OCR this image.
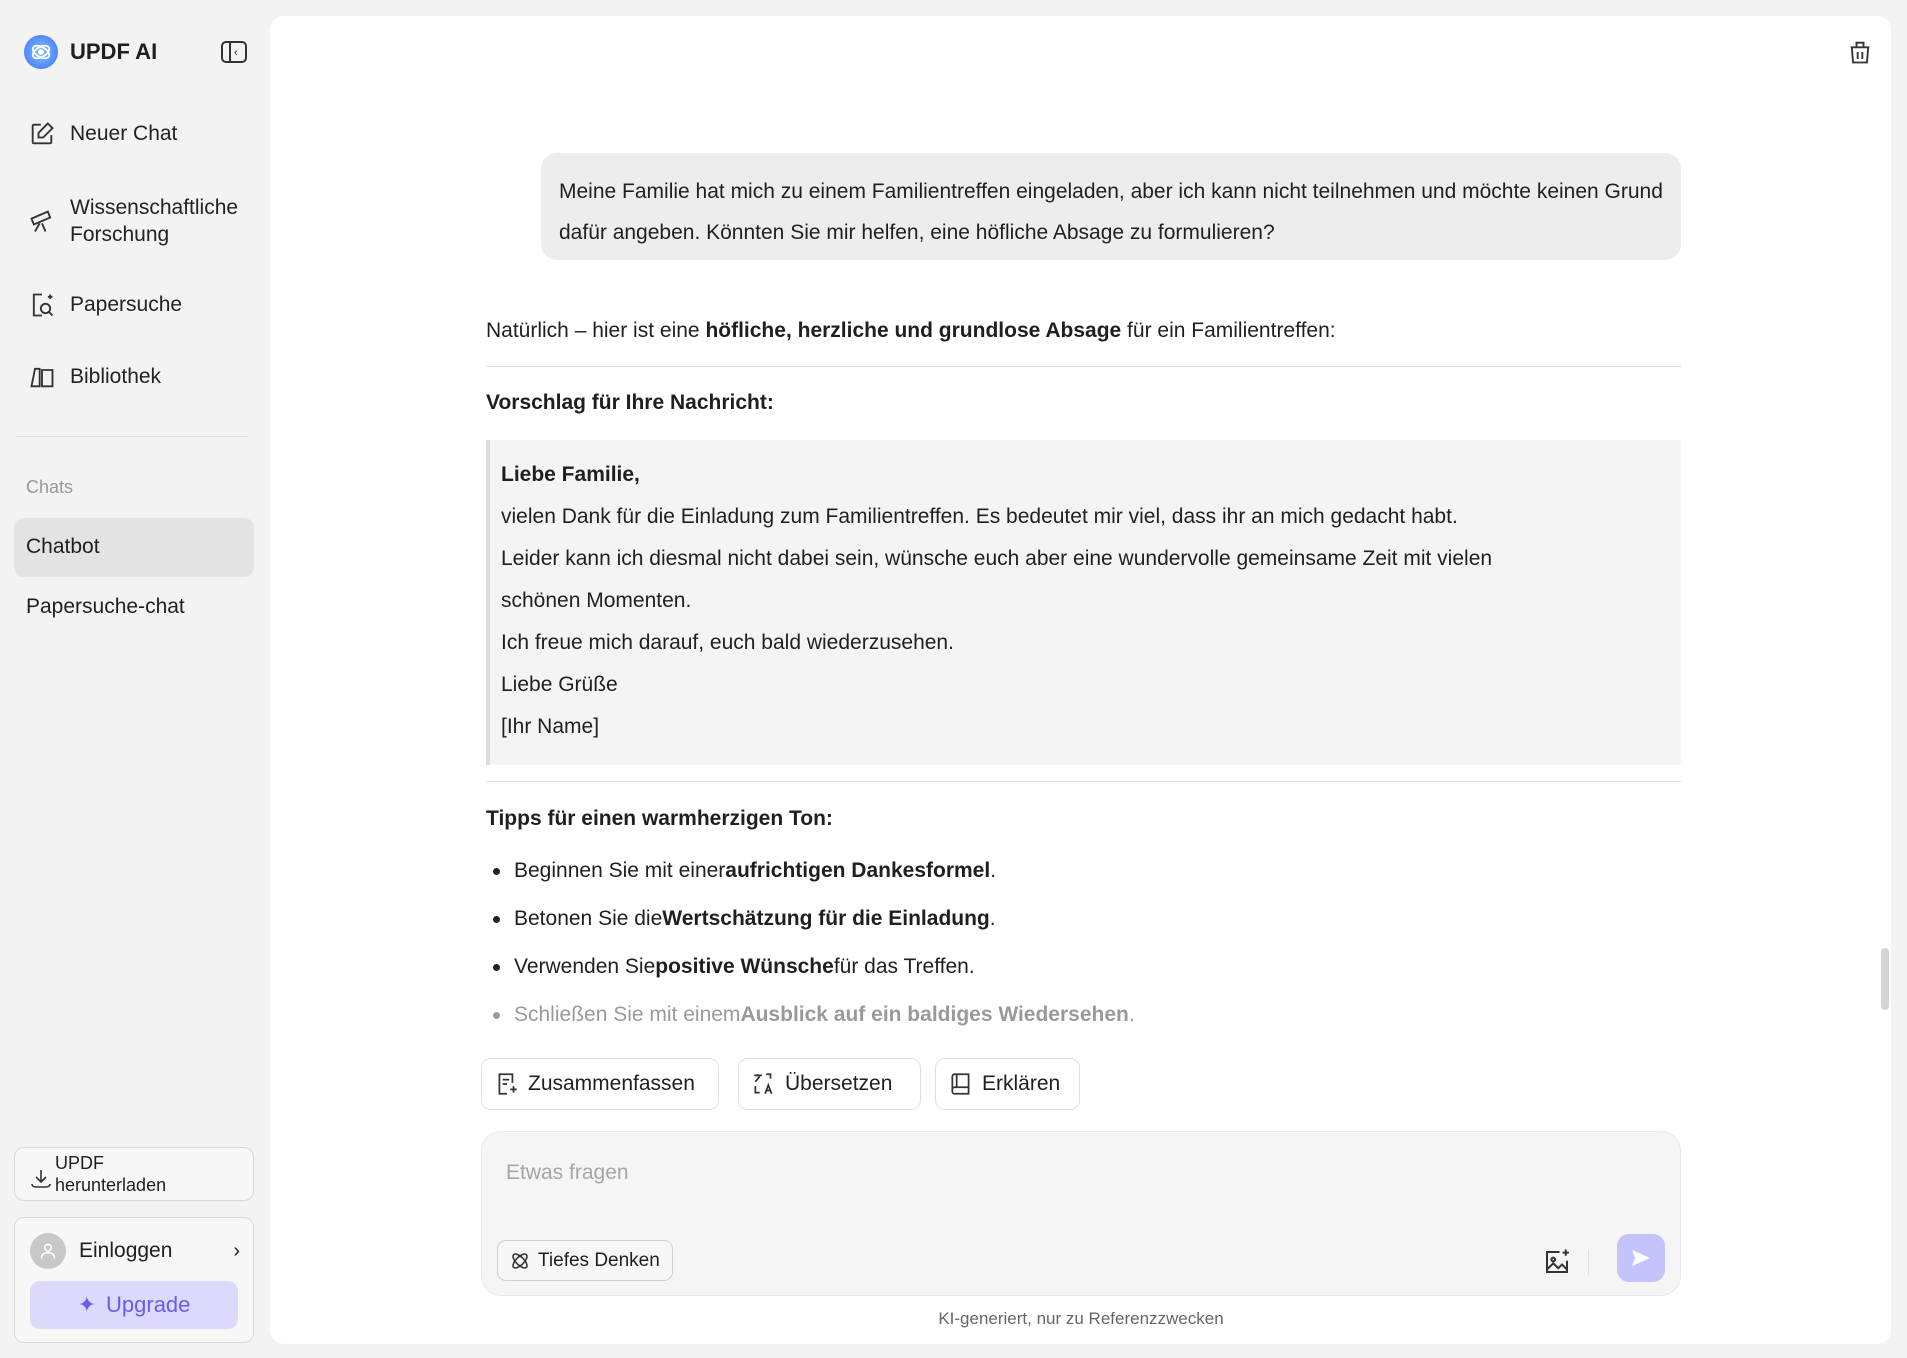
UPDF AI	‹
Neuer Chat
Wissenschaftliche Forschung
Papersuche
Bibliothek
Chats
Chatbot
Papersuche-chat
UPDF herunterladen
Einloggen	›
✦ Upgrade
Meine Familie hat mich zu einem Familientreffen eingeladen, aber ich kann nicht teilnehmen und möchte keinen Grund dafür angeben. Könnten Sie mir helfen, eine höfliche Absage zu formulieren?
Natürlich – hier ist eine höfliche, herzliche und grundlose Absage für ein Familientreffen:
Vorschlag für Ihre Nachricht:
Liebe Familie,
vielen Dank für die Einladung zum Familientreffen. Es bedeutet mir viel, dass ihr an mich gedacht habt.
Leider kann ich diesmal nicht dabei sein, wünsche euch aber eine wundervolle gemeinsame Zeit mit vielen schönen Momenten.
Ich freue mich darauf, euch bald wiederzusehen.
Liebe Grüße
[Ihr Name]
Tipps für einen warmherzigen Ton:
Beginnen Sie mit einer aufrichtigen Dankesformel .
Betonen Sie die Wertschätzung für die Einladung .
Verwenden Sie positive Wünsche für das Treffen.
Schließen Sie mit einem Ausblick auf ein baldiges Wiedersehen .
Zusammenfassen	Übersetzen	Erklären
Etwas fragen
Tiefes Denken
KI-generiert, nur zu Referenzzwecken
